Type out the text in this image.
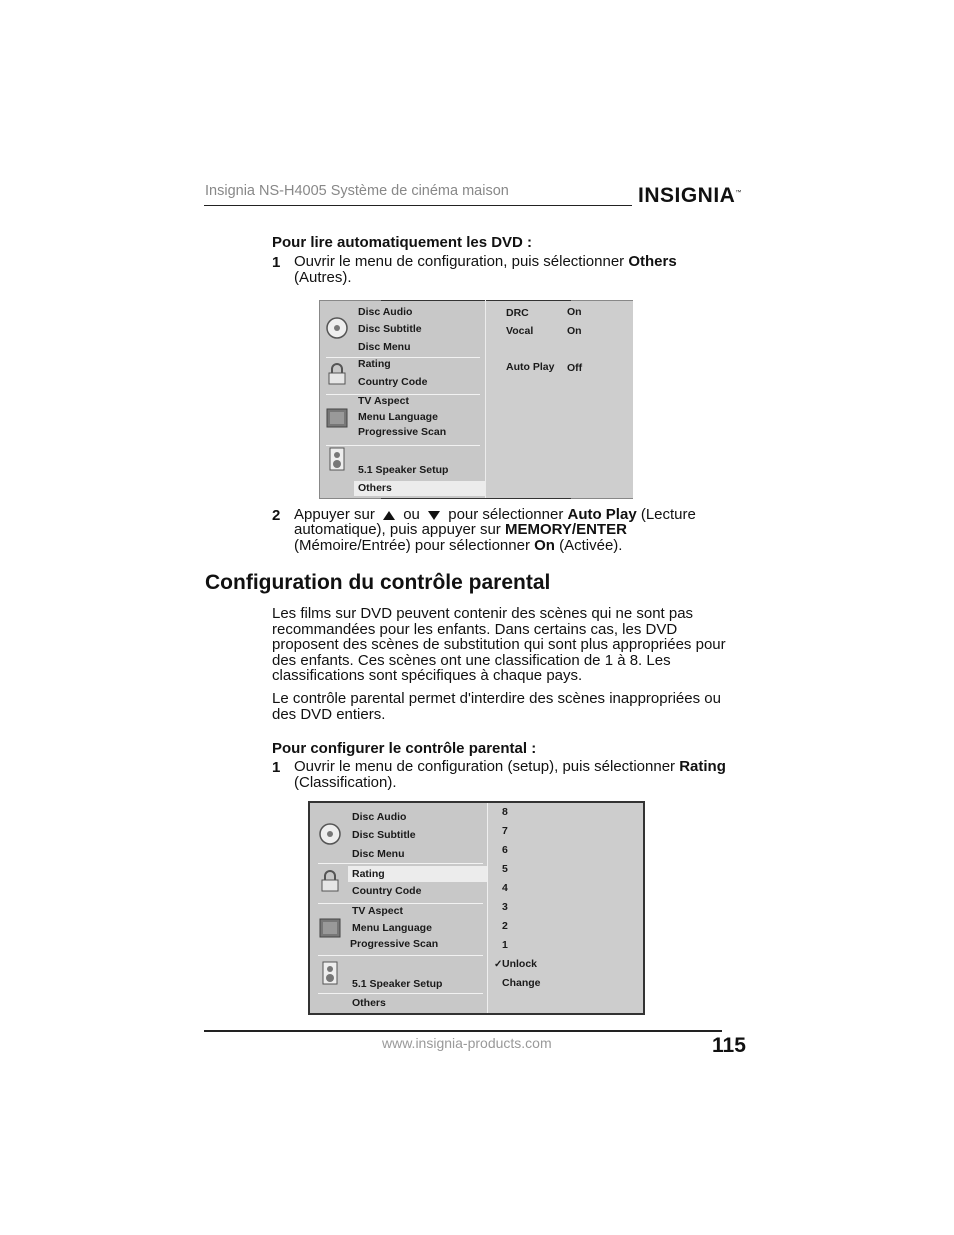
Insignia NS-H4005 Système de cinéma maison	INSIGNIA™
Pour lire automatiquement les DVD :
1 Ouvrir le menu de configuration, puis sélectionner Others
(Autres).
Disc Audio
Disc Subtitle
Disc Menu
Rating
Country Code
TV Aspect
Menu Language
Progressive Scan
5.1 Speaker Setup
Others
DRC	On
Vocal	On
Auto Play Off
2 Appuyer sur  ou  pour sélectionner Auto Play (Lecture
automatique), puis appuyer sur MEMORY/ENTER
(Mémoire/Entrée) pour sélectionner On (Activée).
Configuration du contrôle parental
Les films sur DVD peuvent contenir des scènes qui ne sont pas
recommandées pour les enfants. Dans certains cas, les DVD
proposent des scènes de substitution qui sont plus appropriées pour
des enfants. Ces scènes ont une classification de 1 à 8. Les
classifications sont spécifiques à chaque pays.
Le contrôle parental permet d'interdire des scènes inappropriées ou
des DVD entiers.
Pour configurer le contrôle parental :
1 Ouvrir le menu de configuration (setup), puis sélectionner Rating
(Classification).
Disc Audio
Disc Subtitle
Disc Menu
Rating
Country Code
TV Aspect
Menu Language
Progressive Scan
5.1 Speaker Setup
Others
8
7
6
5
4
3
2
1
✓ Unlock
Change
www.insignia-products.com	115
